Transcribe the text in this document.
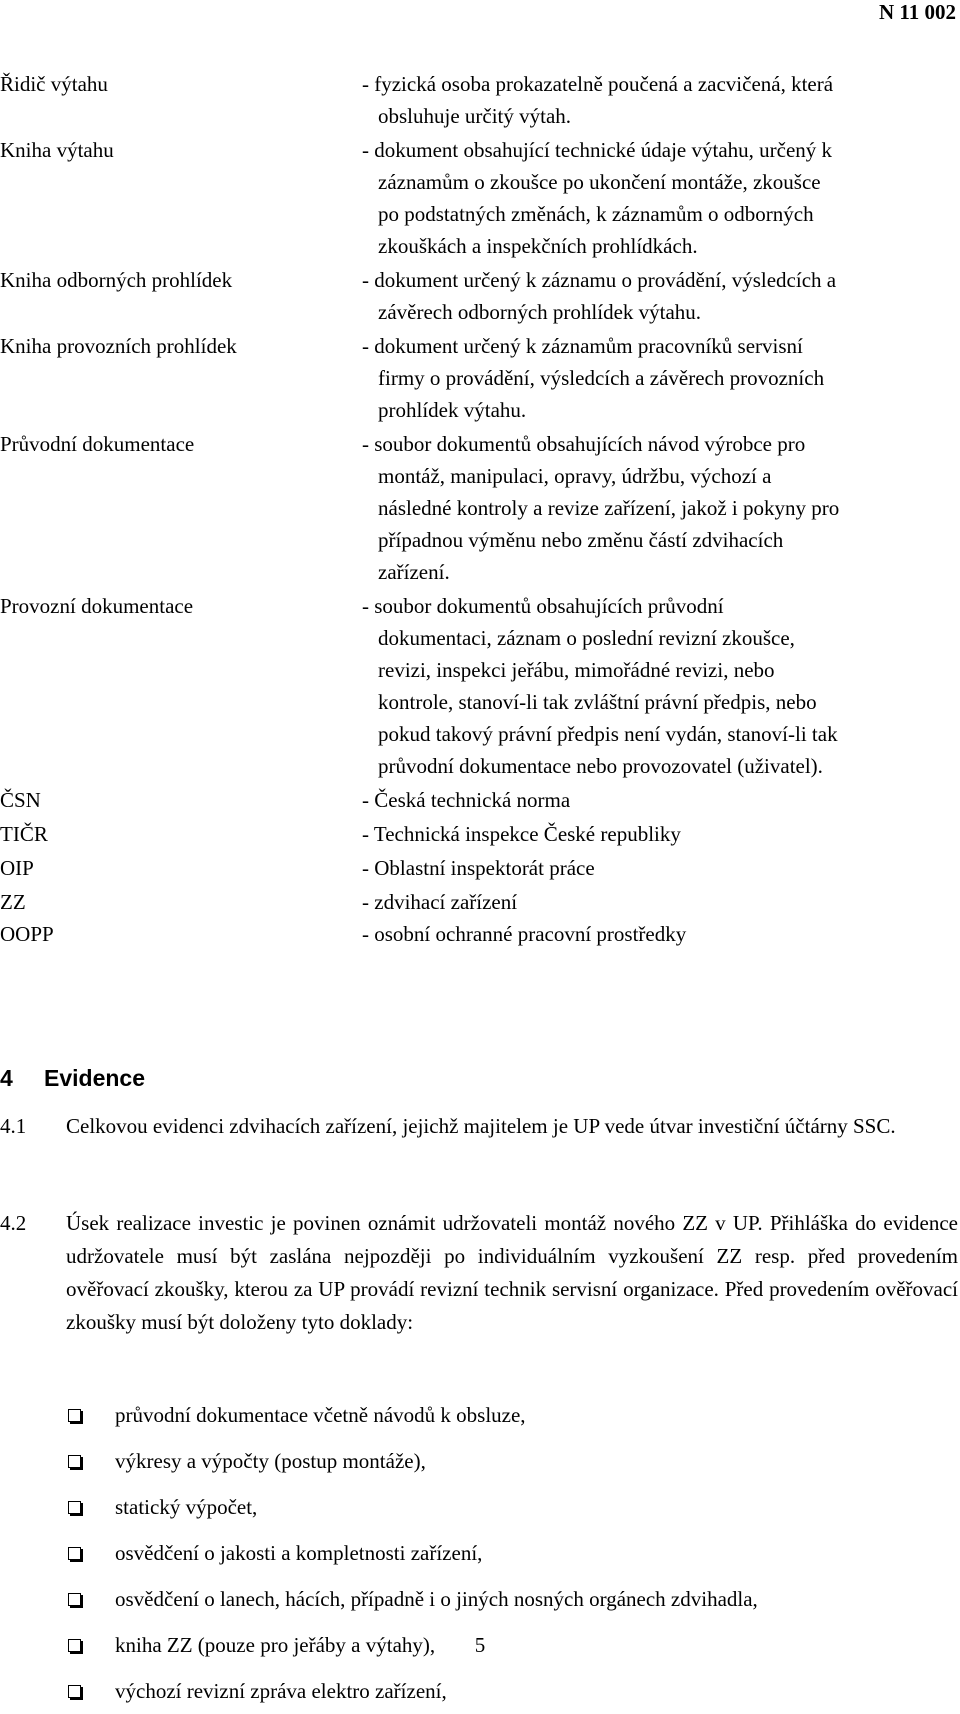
N 11 002
Řidič výtahu	- fyzická osoba prokazatelně poučená a zacvičená, která
obsluhuje určitý výtah.
Kniha výtahu	- dokument obsahující technické údaje výtahu, určený k
záznamům o zkoušce po ukončení montáže, zkoušce
po podstatných změnách, k záznamům o odborných
zkouškách a inspekčních prohlídkách.
Kniha odborných prohlídek	- dokument určený k záznamu o provádění, výsledcích a
závěrech odborných prohlídek výtahu.
Kniha provozních prohlídek	- dokument určený k záznamům pracovníků servisní
firmy o provádění, výsledcích a závěrech provozních
prohlídek výtahu.
Průvodní dokumentace	- soubor dokumentů obsahujících návod výrobce pro
montáž, manipulaci, opravy, údržbu, výchozí a
následné kontroly a revize zařízení, jakož i pokyny pro
případnou výměnu nebo změnu částí zdvihacích
zařízení.
Provozní dokumentace	- soubor dokumentů obsahujících průvodní
dokumentaci, záznam o poslední revizní zkoušce,
revizi, inspekci jeřábu, mimořádné revizi, nebo
kontrole, stanoví-li tak zvláštní právní předpis, nebo
pokud takový právní předpis není vydán, stanoví-li tak
průvodní dokumentace nebo provozovatel (uživatel).
ČSN	- Česká technická norma
TIČR	- Technická inspekce České republiky
OIP	- Oblastní inspektorát práce
ZZ	- zdvihací zařízení
OOPP	- osobní ochranné pracovní prostředky
4 Evidence
4.1 Celkovou evidenci zdvihacích zařízení, jejichž majitelem je UP vede útvar investiční účtárny SSC.
4.2 Úsek realizace investic je povinen oznámit udržovateli montáž nového ZZ v UP. Přihláška do evidence udržovatele musí být zaslána nejpozději po individuálním vyzkoušení ZZ resp. před provedením ověřovací zkoušky, kterou za UP provádí revizní technik servisní organizace. Před provedením ověřovací zkoušky musí být doloženy tyto doklady:
průvodní dokumentace včetně návodů k obsluze,
výkresy a výpočty (postup montáže),
statický výpočet,
osvědčení o jakosti a kompletnosti zařízení,
osvědčení o lanech, hácích, případně i o jiných nosných orgánech zdvihadla,
kniha ZZ (pouze pro jeřáby a výtahy),
výchozí revizní zpráva elektro zařízení,
5
